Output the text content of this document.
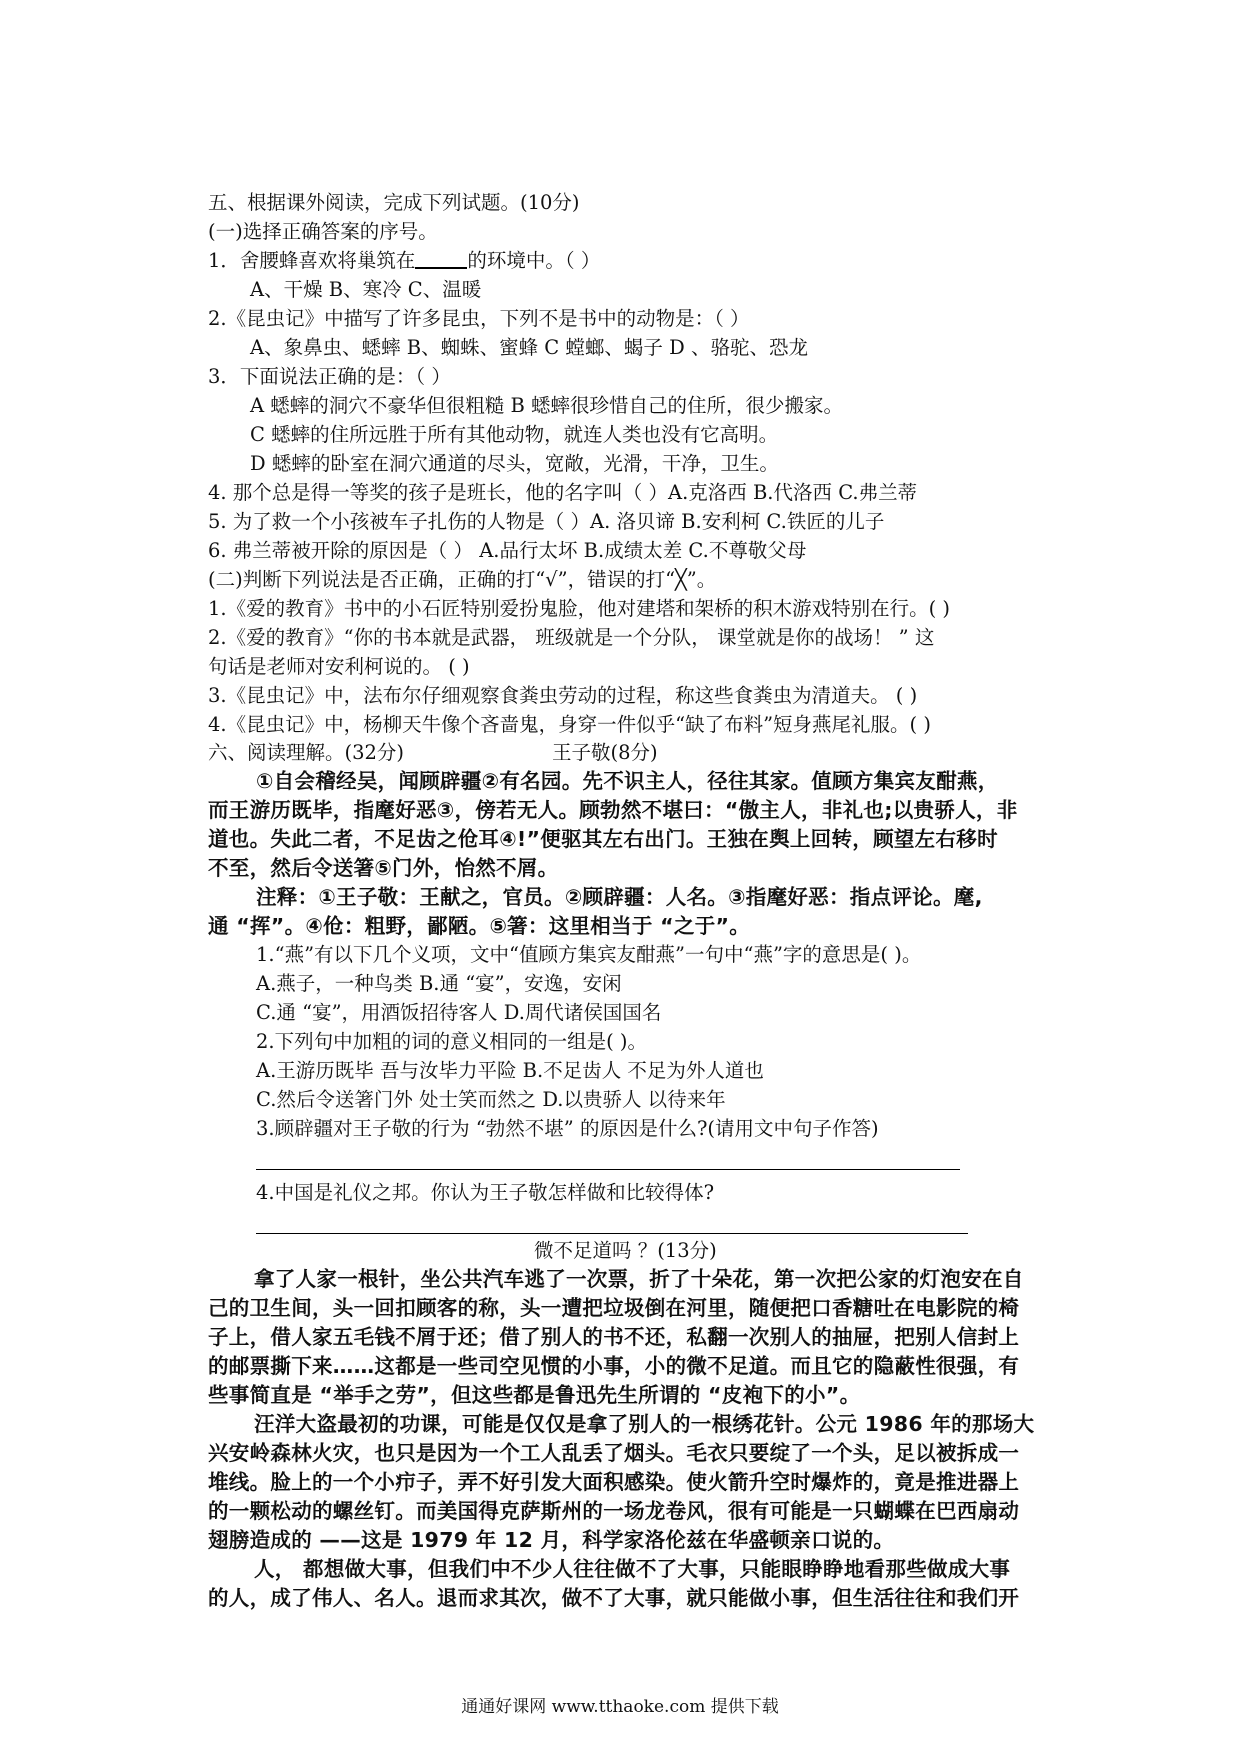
五、根据课外阅读，完成下列试题。(10分)
(一)选择正确答案的序号。
1．舍腰蜂喜欢将巢筑在	的环境中。（ ）
A、干燥 B、寒冷 C、温暖
2.《昆虫记》中描写了许多昆虫，下列不是书中的动物是：（ ）
A、象鼻虫、蟋蟀 B、蜘蛛、蜜蜂 C 螳螂、蝎子 D 、骆驼、恐龙
3．下面说法正确的是：（ ）
A 蟋蟀的洞穴不豪华但很粗糙 B 蟋蟀很珍惜自己的住所，很少搬家。
C 蟋蟀的住所远胜于所有其他动物，就连人类也没有它高明。
D 蟋蟀的卧室在洞穴通道的尽头，宽敞，光滑，干净，卫生。
4. 那个总是得一等奖的孩子是班长，他的名字叫（ ）A.克洛西 B.代洛西 C.弗兰蒂
5. 为了救一个小孩被车子扎伤的人物是（ ）A. 洛贝谛 B.安利柯 C.铁匠的儿子
6. 弗兰蒂被开除的原因是（ ） A.品行太坏 B.成绩太差 C.不尊敬父母
(二)判断下列说法是否正确，正确的打“√”，错误的打“╳”。
1.《爱的教育》书中的小石匠特别爱扮鬼脸，他对建塔和架桥的积木游戏特别在行。( )
2.《爱的教育》“你的书本就是武器， 班级就是一个分队， 课堂就是你的战场！ ” 这
句话是老师对安利柯说的。 ( )
3.《昆虫记》中，法布尔仔细观察食粪虫劳动的过程，称这些食粪虫为清道夫。 ( )
4.《昆虫记》中，杨柳天牛像个吝啬鬼，身穿一件似乎“缺了布料”短身燕尾礼服。( )
六、阅读理解。(32分)	王子敬(8分)
①自会稽经吴，闻顾辟疆②有名园。先不识主人，径往其家。值顾方集宾友酣燕，
而王游历既毕，指麾好恶③，傍若无人。顾勃然不堪曰：“傲主人，非礼也;以贵骄人，非
道也。失此二者，不足齿之伧耳④!”便驱其左右出门。王独在舆上回转，顾望左右移时
不至，然后令送箸⑤门外，怡然不屑。
注释：①王子敬：王献之，官员。②顾辟疆：人名。③指麾好恶：指点评论。麾,
通 “挥”。④伧：粗野，鄙陋。⑤箸：这里相当于 “之于”。
1.“燕”有以下几个义项，文中“值顾方集宾友酣燕”一句中“燕”字的意思是( )。
A.燕子，一种鸟类 B.通 “宴”，安逸，安闲
C.通 “宴”，用酒饭招待客人 D.周代诸侯国国名
2.下列句中加粗的词的意义相同的一组是( )。
A.王游历既毕 吾与汝毕力平险 B.不足齿人 不足为外人道也
C.然后令送箸门外 处士笑而然之 D.以贵骄人 以待来年
3.顾辟疆对王子敬的行为 “勃然不堪” 的原因是什么?(请用文中句子作答)
4.中国是礼仪之邦。你认为王子敬怎样做和比较得体?
微不足道吗 ？(13分)
拿了人家一根针，坐公共汽车逃了一次票，折了十朵花，第一次把公家的灯泡安在自
己的卫生间，头一回扣顾客的称，头一遭把垃圾倒在河里，随便把口香糖吐在电影院的椅
子上，借人家五毛钱不屑于还；借了别人的书不还，私翻一次别人的抽屉，把别人信封上
的邮票撕下来……这都是一些司空见惯的小事，小的微不足道。而且它的隐蔽性很强，有
些事简直是 “举手之劳”，但这些都是鲁迅先生所谓的 “皮袍下的小”。
汪洋大盗最初的功课，可能是仅仅是拿了别人的一根绣花针。公元 1986 年的那场大
兴安岭森林火灾，也只是因为一个工人乱丢了烟头。毛衣只要绽了一个头，足以被拆成一
堆线。脸上的一个小疖子，弄不好引发大面积感染。使火箭升空时爆炸的，竟是推进器上
的一颗松动的螺丝钉。而美国得克萨斯州的一场龙卷风，很有可能是一只蝴蝶在巴西扇动
翅膀造成的 ——这是 1979 年 12 月，科学家洛伦兹在华盛顿亲口说的。
人， 都想做大事，但我们中不少人往往做不了大事，只能眼睁睁地看那些做成大事
的人，成了伟人、名人。退而求其次，做不了大事，就只能做小事，但生活往往和我们开
通通好课网 www.tthaoke.com 提供下载
